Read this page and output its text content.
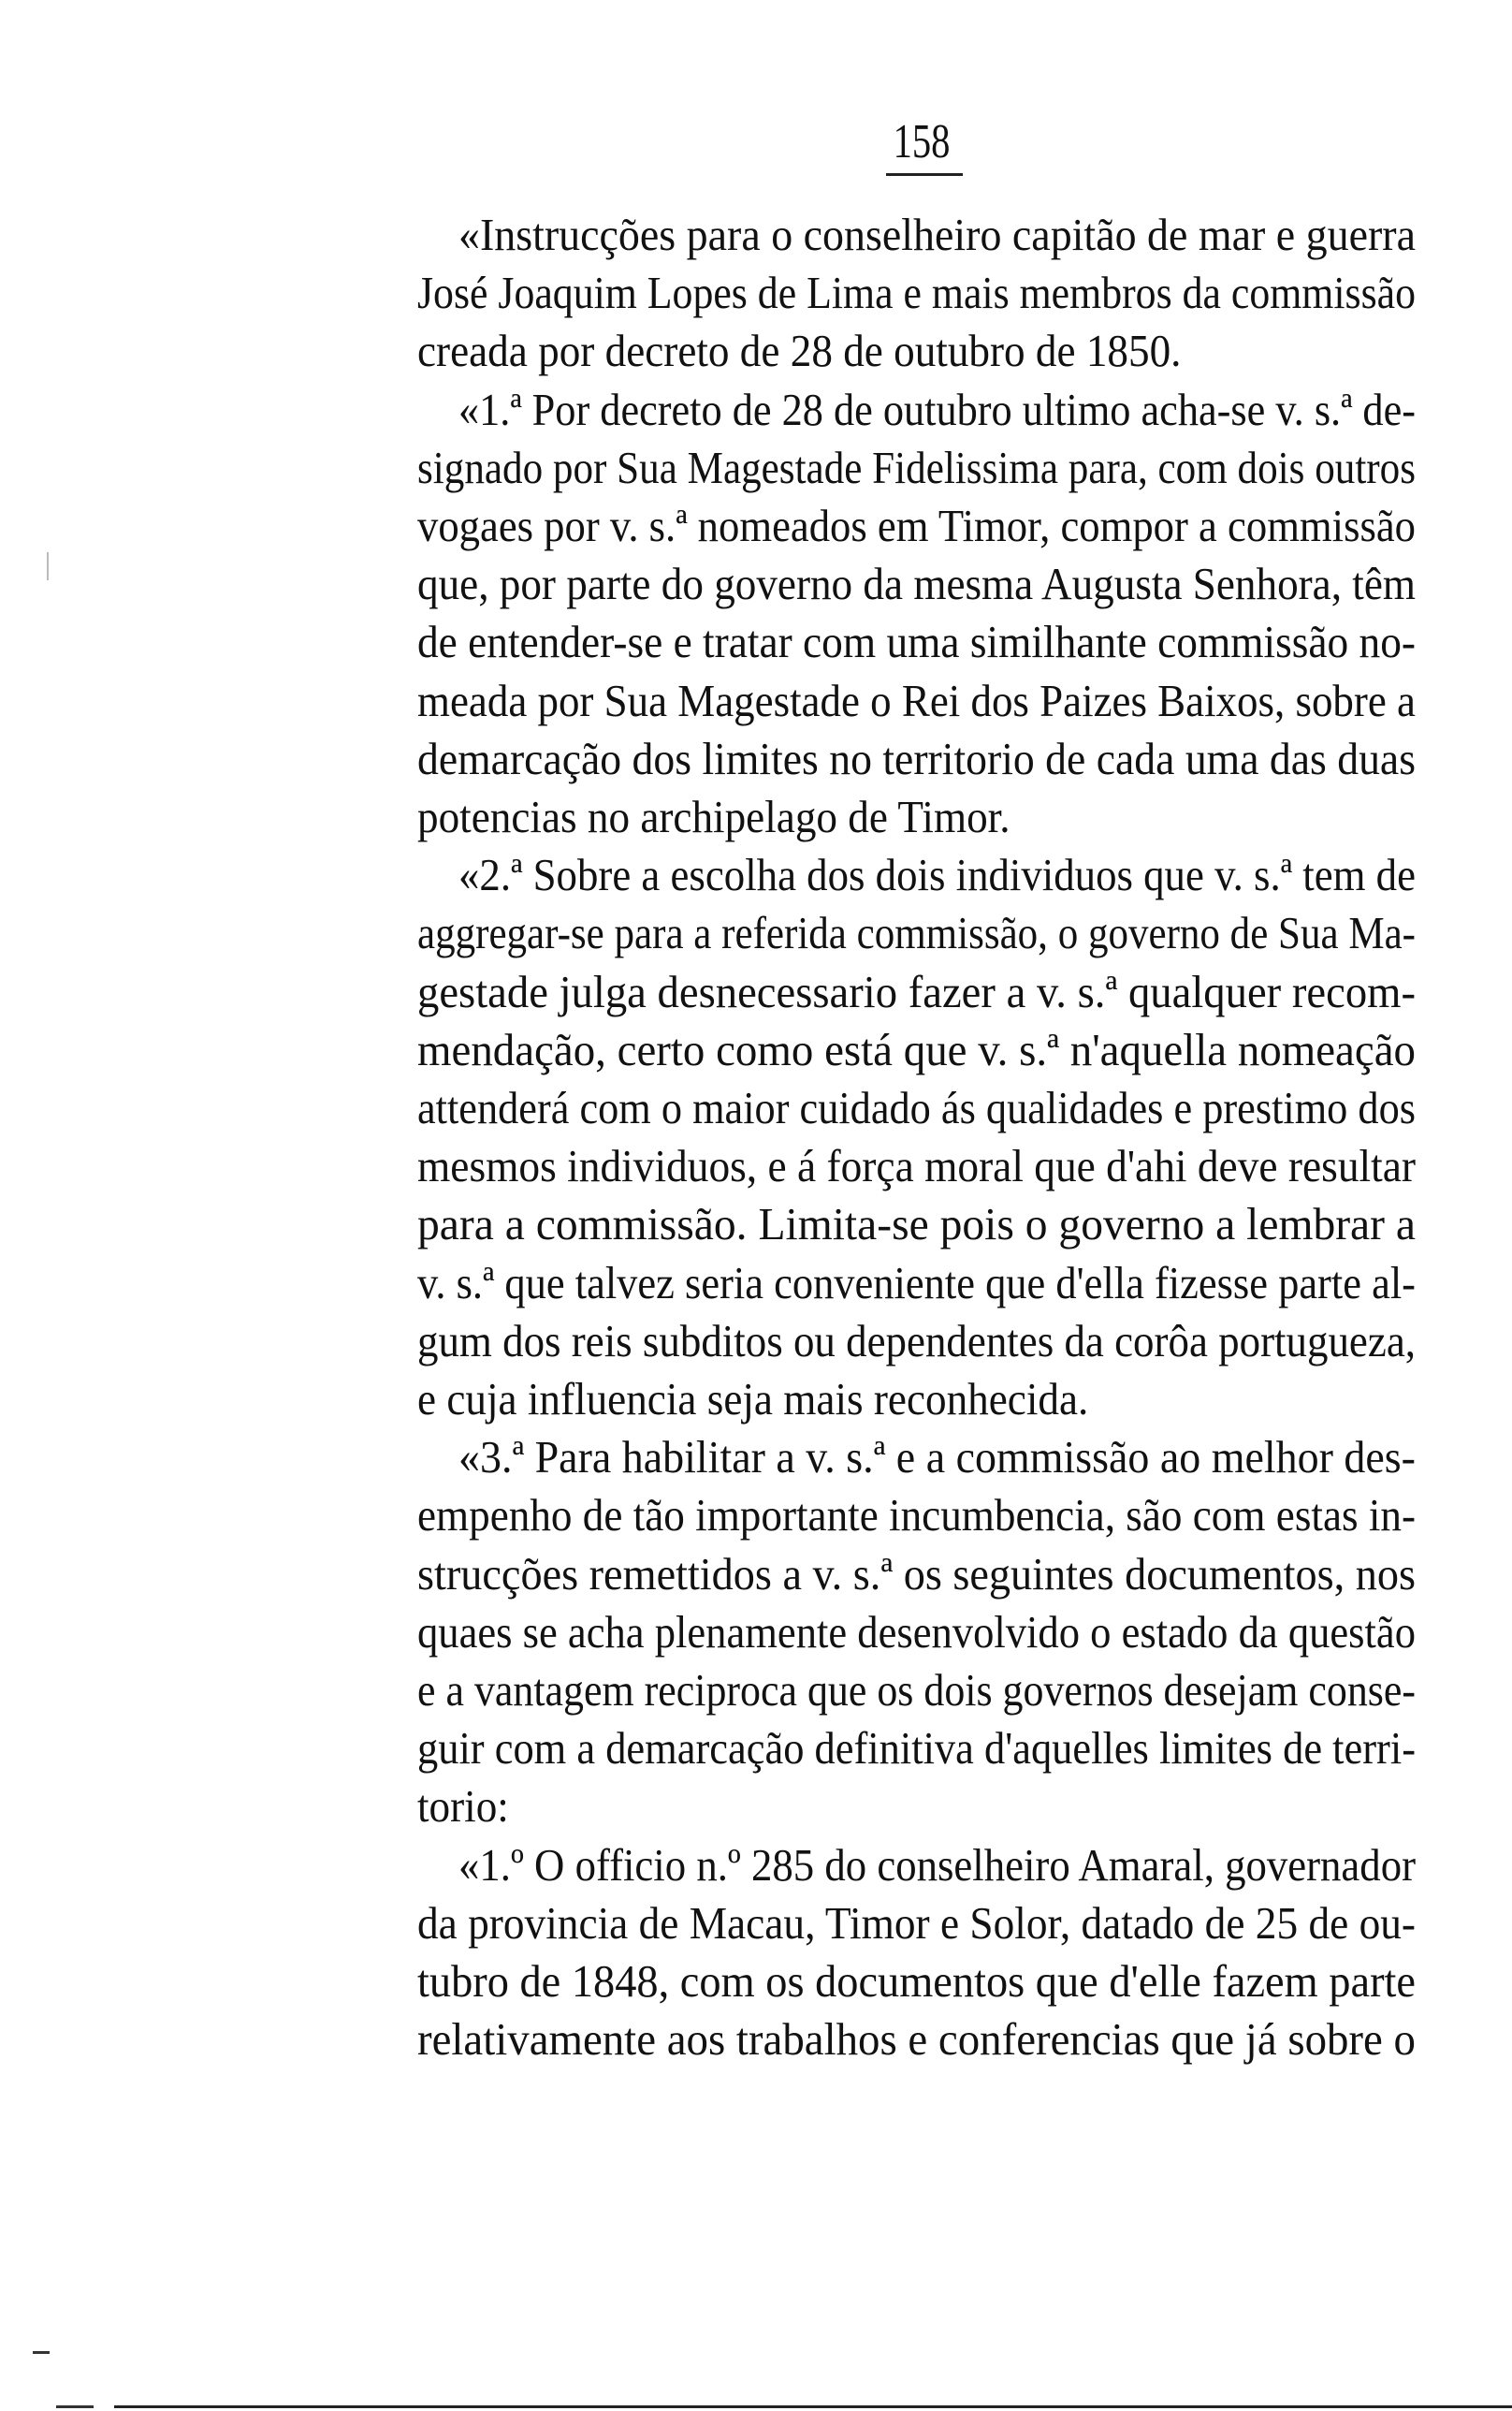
158
«Instrucções para o conselheiro capitão de mar e guerra
José Joaquim Lopes de Lima e mais membros da commissão
creada por decreto de 28 de outubro de 1850.
«1.ª Por decreto de 28 de outubro ultimo acha-se v. s.ª de-
signado por Sua Magestade Fidelissima para, com dois outros
vogaes por v. s.ª nomeados em Timor, compor a commissão
que, por parte do governo da mesma Augusta Senhora, têm
de entender-se e tratar com uma similhante commissão no-
meada por Sua Magestade o Rei dos Paizes Baixos, sobre a
demarcação dos limites no territorio de cada uma das duas
potencias no archipelago de Timor.
«2.ª Sobre a escolha dos dois individuos que v. s.ª tem de
aggregar-se para a referida commissão, o governo de Sua Ma-
gestade julga desnecessario fazer a v. s.ª qualquer recom-
mendação, certo como está que v. s.ª n'aquella nomeação
attenderá com o maior cuidado ás qualidades e prestimo dos
mesmos individuos, e á força moral que d'ahi deve resultar
para a commissão. Limita-se pois o governo a lembrar a
v. s.ª que talvez seria conveniente que d'ella fizesse parte al-
gum dos reis subditos ou dependentes da corôa portugueza,
e cuja influencia seja mais reconhecida.
«3.ª Para habilitar a v. s.ª e a commissão ao melhor des-
empenho de tão importante incumbencia, são com estas in-
strucções remettidos a v. s.ª os seguintes documentos, nos
quaes se acha plenamente desenvolvido o estado da questão
e a vantagem reciproca que os dois governos desejam conse-
guir com a demarcação definitiva d'aquelles limites de terri-
torio:
«1.º O officio n.º 285 do conselheiro Amaral, governador
da provincia de Macau, Timor e Solor, datado de 25 de ou-
tubro de 1848, com os documentos que d'elle fazem parte
relativamente aos trabalhos e conferencias que já sobre o
